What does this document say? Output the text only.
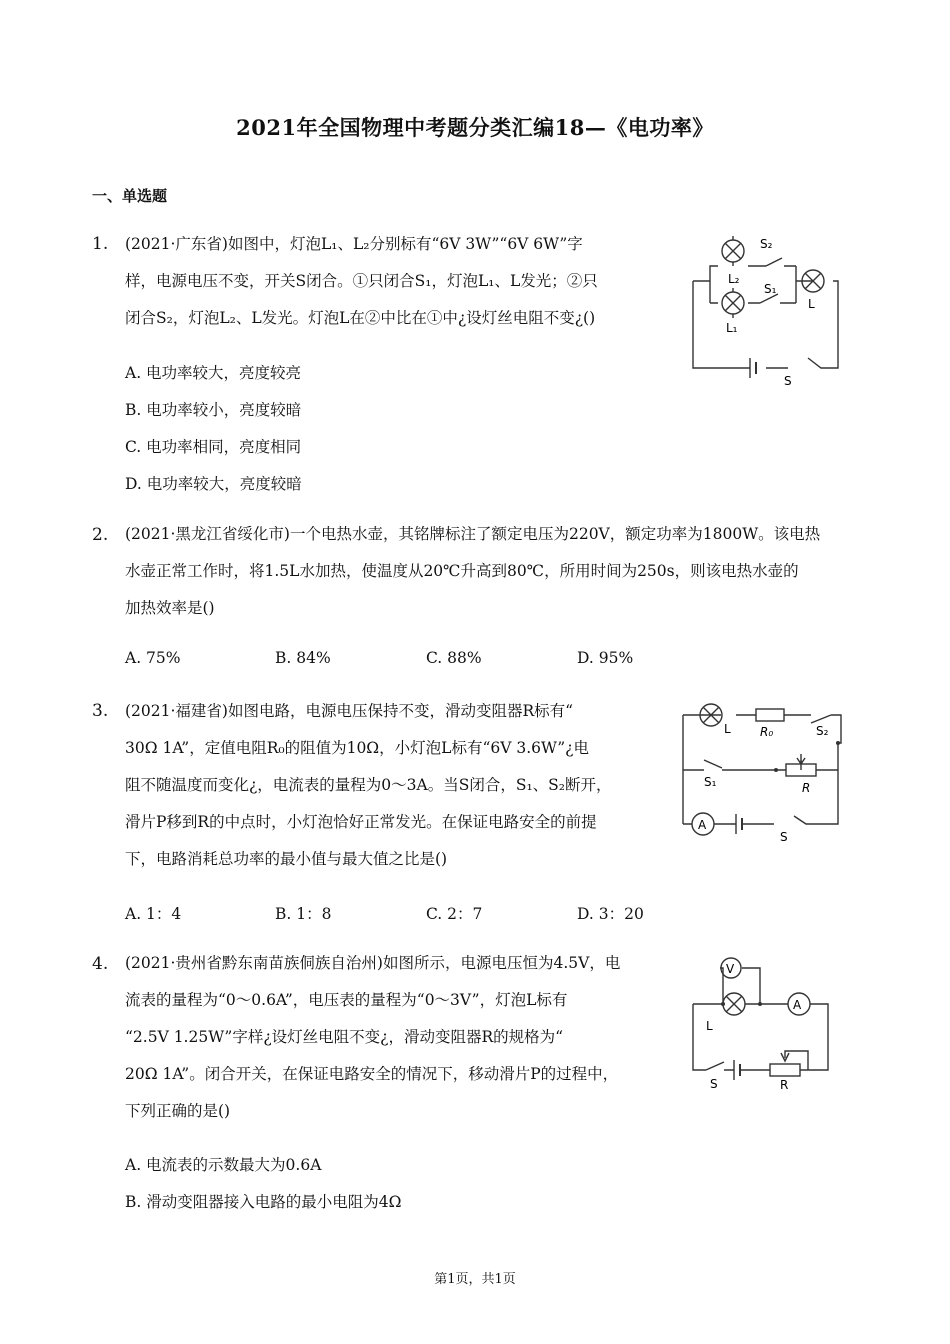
2021年全国物理中考题分类汇编18—《电功率》
一、单选题
1. (2021·广东省)如图中，灯泡L₁、L₂分别标有“6V 3W”“6V 6W”字
样，电源电压不变，开关S闭合。①只闭合S₁，灯泡L₁、L发光；②只
闭合S₂，灯泡L₂、L发光。灯泡L在②中比在①中¿设灯丝电阻不变¿()
A. 电功率较大，亮度较亮
B. 电功率较小，亮度较暗
C. 电功率相同，亮度相同
D. 电功率较大，亮度较暗
S₂
L₂
S₁
L
L₁
S
2. (2021·黑龙江省绥化市)一个电热水壶，其铭牌标注了额定电压为220V，额定功率为1800W。该电热
水壶正常工作时，将1.5L水加热，使温度从20℃升高到80℃，所用时间为250s，则该电热水壶的
加热效率是()
A. 75%	B. 84%	C. 88%	D. 95%
3. (2021·福建省)如图电路，电源电压保持不变，滑动变阻器R标有“
30Ω 1A”，定值电阻R₀的阻值为10Ω，小灯泡L标有“6V 3.6W”¿电
阻不随温度而变化¿，电流表的量程为0～3A。当S闭合，S₁、S₂断开，
滑片P移到R的中点时，小灯泡恰好正常发光。在保证电路安全的前提
下，电路消耗总功率的最小值与最大值之比是()
A. 1：4	B. 1：8	C. 2：7	D. 3：20
L R₀	S₂
S₁	R
A
S
4. (2021·贵州省黔东南苗族侗族自治州)如图所示，电源电压恒为4.5V，电
流表的量程为“0～0.6A”，电压表的量程为“0～3V”，灯泡L标有
“2.5V 1.25W”字样¿设灯丝电阻不变¿，滑动变阻器R的规格为“
20Ω 1A”。闭合开关，在保证电路安全的情况下，移动滑片P的过程中，
下列正确的是()
A. 电流表的示数最大为0.6A
B. 滑动变阻器接入电路的最小电阻为4Ω
V
L
A
S	R
第1页，共1页
